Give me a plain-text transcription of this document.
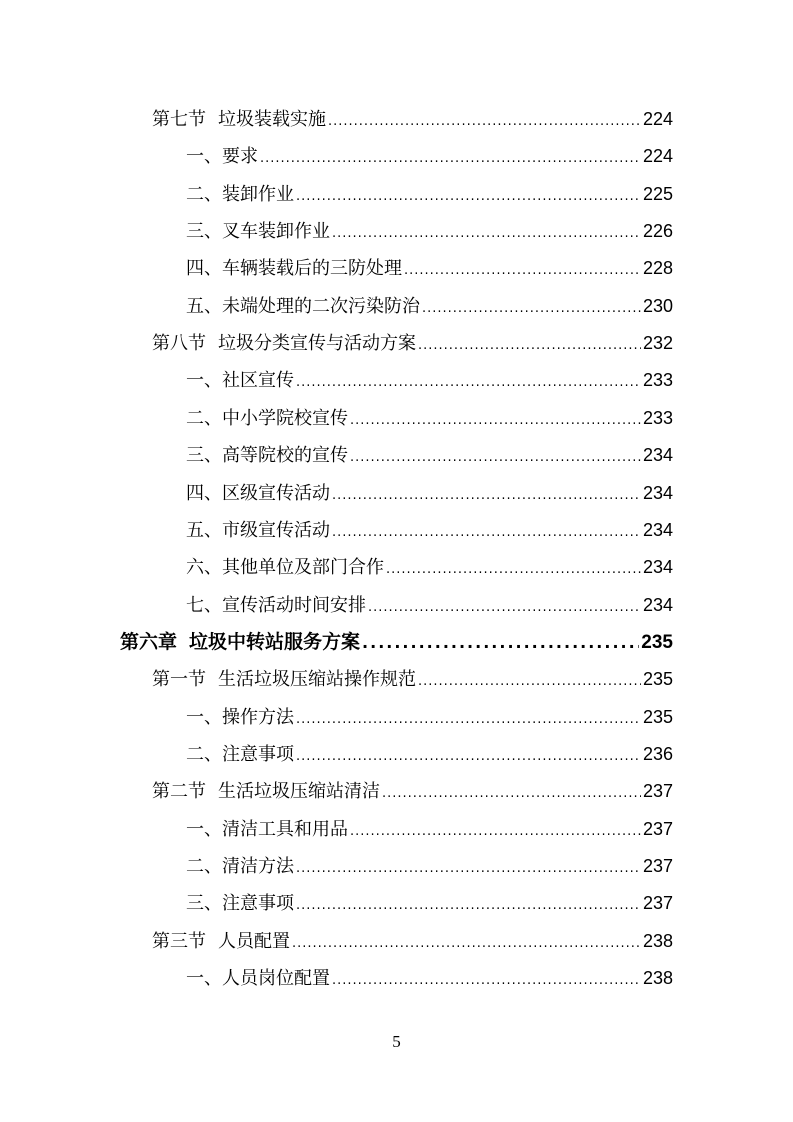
第七节 垃圾装载实施 .....	224
一、要求 .....	224
二、装卸作业 .....	225
三、叉车装卸作业 .....	226
四、车辆装载后的三防处理 .....	228
五、未端处理的二次污染防治 .....	230
第八节 垃圾分类宣传与活动方案 .....	232
一、社区宣传 .....	233
二、中小学院校宣传 .....	233
三、高等院校的宣传 .....	234
四、区级宣传活动 .....	234
五、市级宣传活动 .....	234
六、其他单位及部门合作 .....	234
七、宣传活动时间安排 .....	234
第六章 垃圾中转站服务方案 .....	235
第一节 生活垃圾压缩站操作规范 .....	235
一、操作方法 .....	235
二、注意事项 .....	236
第二节 生活垃圾压缩站清洁 .....	237
一、清洁工具和用品 .....	237
二、清洁方法 .....	237
三、注意事项 .....	237
第三节 人员配置 .....	238
一、人员岗位配置 .....	238
5
